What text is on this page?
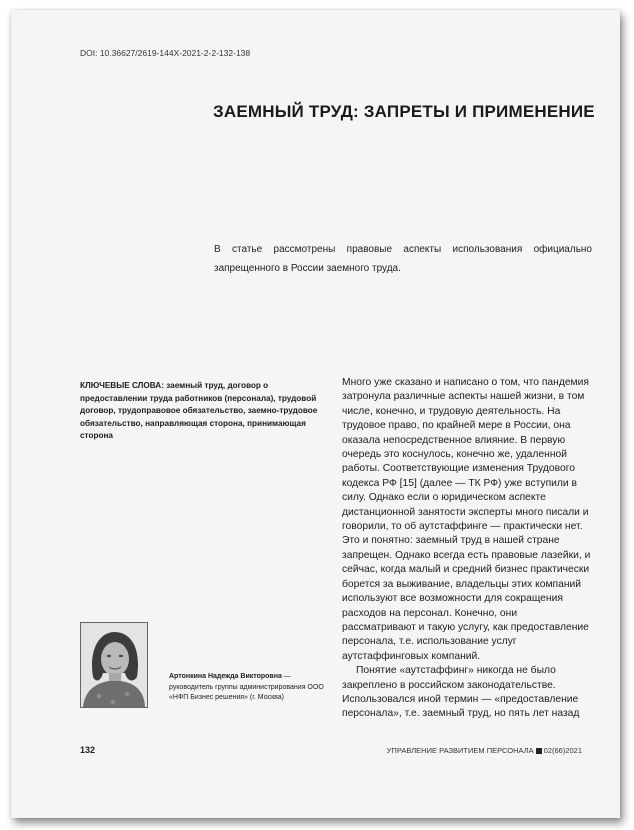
DOI: 10.36627/2619-144X-2021-2-2-132-138
ЗАЕМНЫЙ ТРУД: ЗАПРЕТЫ И ПРИМЕНЕНИЕ
В статье рассмотрены правовые аспекты использования официально запрещенного в России заемного труда.
КЛЮЧЕВЫЕ СЛОВА: заемный труд, договор о предоставлении труда работников (персонала), трудовой договор, трудоправовое обязательство, заемно-трудовое обязательство, направляющая сторона, принимающая сторона

Много уже сказано и написано о том, что пандемия затронула различные аспекты нашей жизни, в том числе, конечно, и трудовую деятельность. На трудовое право, по крайней мере в России, она оказала непосредственное влияние. В первую очередь это коснулось, конечно же, удаленной работы. Соответствующие изменения Трудового кодекса РФ [15] (далее — ТК РФ) уже вступили в силу. Однако если о юридическом аспекте дистанционной занятости эксперты много писали и говорили, то об аутстаффинге — практически нет. Это и понятно: заемный труд в нашей стране запрещен. Однако всегда есть правовые лазейки, и сейчас, когда малый и средний бизнес практически борется за выживание, владельцы этих компаний используют все возможности для сокращения расходов на персонал. Конечно, они рассматривают и такую услугу, как предоставление персонала, т.е. использование услуг аутстаффинговых компаний.

Понятие «аутстаффинг» никогда не было закреплено в российском законодательстве. Использовался иной термин — «предоставление персонала», т.е. заемный труд, но пять лет назад

Артонкина Надежда Викторовна — руководитель группы администрирования ООО «НФП Бизнес решения» (г. Москва)
132	УПРАВЛЕНИЕ РАЗВИТИЕМ ПЕРСОНАЛА 02(66)2021
